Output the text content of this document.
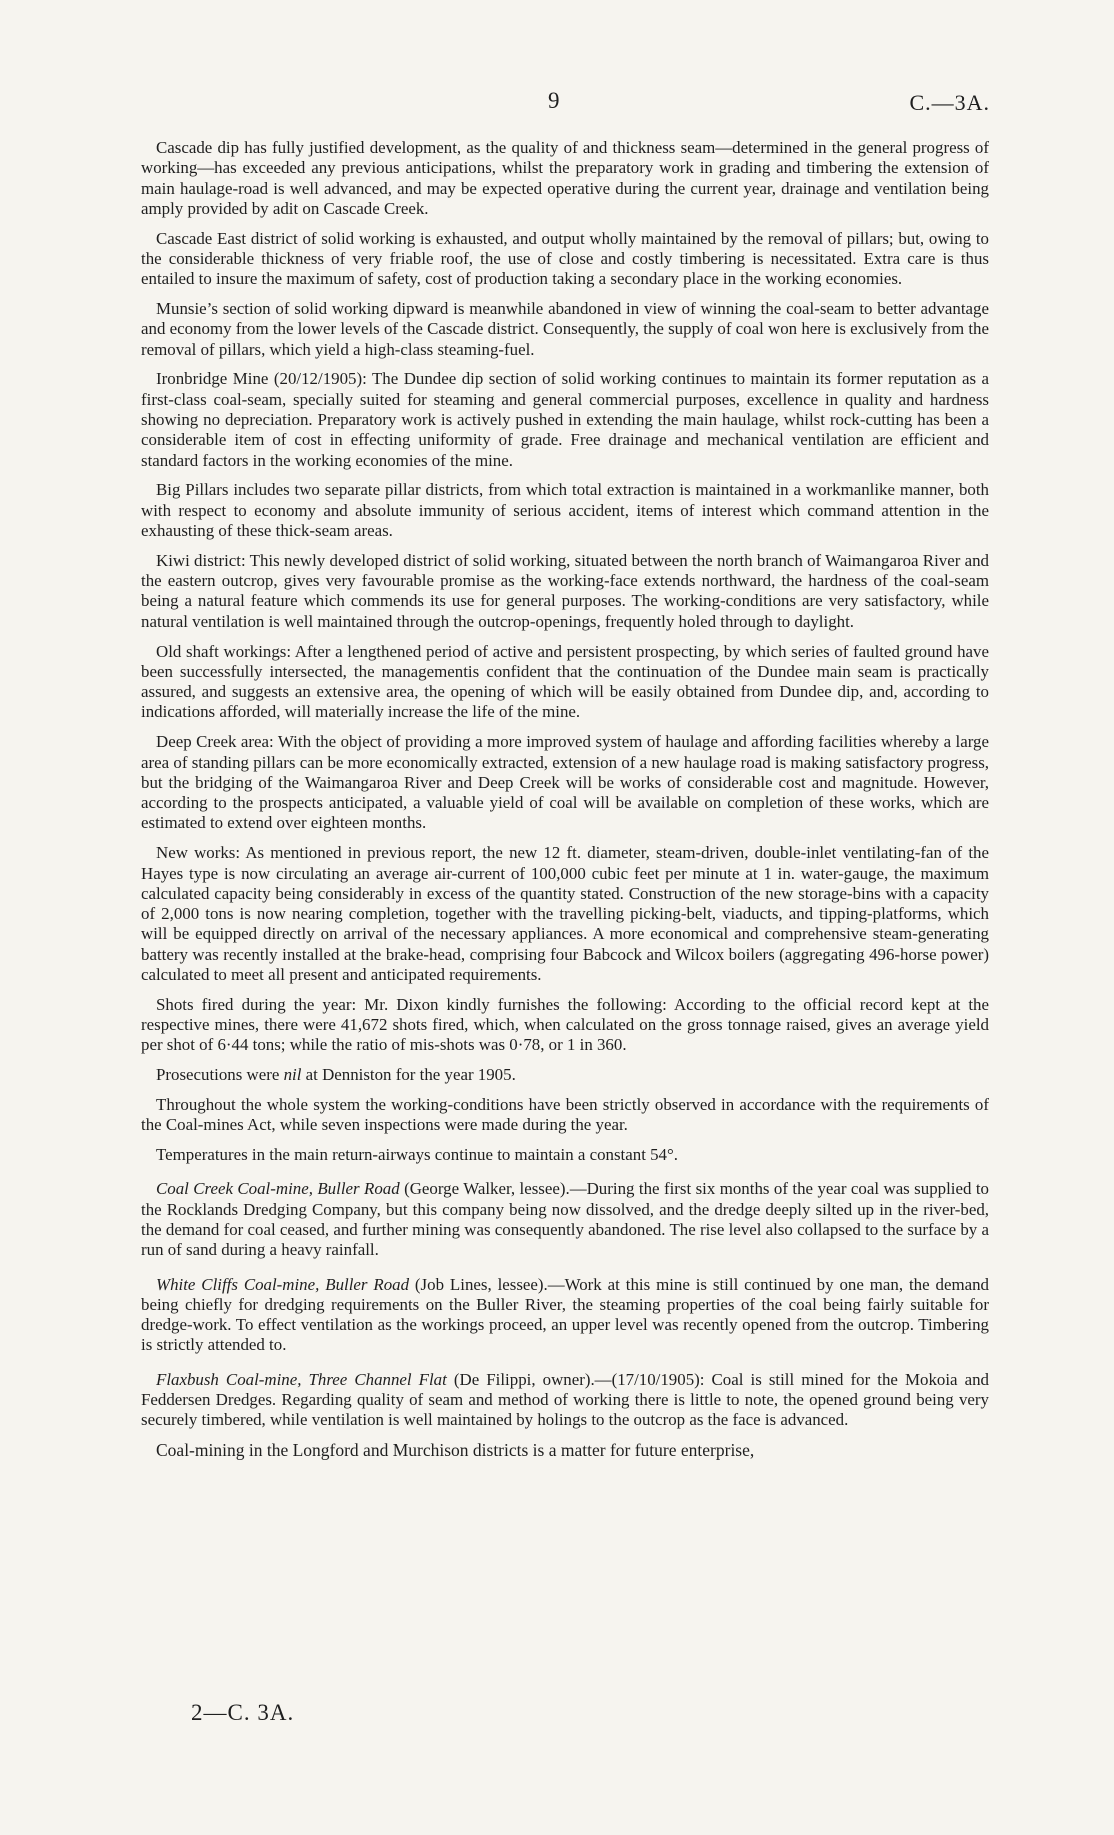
9	C.—3A.

Cascade dip has fully justified development, as the quality of and thickness seam—determined in the general progress of working—has exceeded any previous anticipations, whilst the preparatory work in grading and timbering the extension of main haulage-road is well advanced, and may be expected operative during the current year, drainage and ventilation being amply provided by adit on Cascade Creek.

Cascade East district of solid working is exhausted, and output wholly maintained by the removal of pillars; but, owing to the considerable thickness of very friable roof, the use of close and costly timbering is necessitated. Extra care is thus entailed to insure the maximum of safety, cost of production taking a secondary place in the working economies.

Munsie’s section of solid working dipward is meanwhile abandoned in view of winning the coal-seam to better advantage and economy from the lower levels of the Cascade district. Consequently, the supply of coal won here is exclusively from the removal of pillars, which yield a high-class steaming-fuel.

Ironbridge Mine (20/12/1905): The Dundee dip section of solid working continues to maintain its former reputation as a first-class coal-seam, specially suited for steaming and general commercial purposes, excellence in quality and hardness showing no depreciation. Preparatory work is actively pushed in extending the main haulage, whilst rock-cutting has been a considerable item of cost in effecting uniformity of grade. Free drainage and mechanical ventilation are efficient and standard factors in the working economies of the mine.

Big Pillars includes two separate pillar districts, from which total extraction is maintained in a workmanlike manner, both with respect to economy and absolute immunity of serious accident, items of interest which command attention in the exhausting of these thick-seam areas.

Kiwi district: This newly developed district of solid working, situated between the north branch of Waimangaroa River and the eastern outcrop, gives very favourable promise as the working-face extends northward, the hardness of the coal-seam being a natural feature which commends its use for general purposes. The working-conditions are very satisfactory, while natural ventilation is well maintained through the outcrop-openings, frequently holed through to daylight.

Old shaft workings: After a lengthened period of active and persistent prospecting, by which series of faulted ground have been successfully intersected, the managementis confident that the continuation of the Dundee main seam is practically assured, and suggests an extensive area, the opening of which will be easily obtained from Dundee dip, and, according to indications afforded, will materially increase the life of the mine.

Deep Creek area: With the object of providing a more improved system of haulage and affording facilities whereby a large area of standing pillars can be more economically extracted, extension of a new haulage road is making satisfactory progress, but the bridging of the Waimangaroa River and Deep Creek will be works of considerable cost and magnitude. However, according to the prospects anticipated, a valuable yield of coal will be available on completion of these works, which are estimated to extend over eighteen months.

New works: As mentioned in previous report, the new 12 ft. diameter, steam-driven, double-inlet ventilating-fan of the Hayes type is now circulating an average air-current of 100,000 cubic feet per minute at 1 in. water-gauge, the maximum calculated capacity being considerably in excess of the quantity stated. Construction of the new storage-bins with a capacity of 2,000 tons is now nearing completion, together with the travelling picking-belt, viaducts, and tipping-platforms, which will be equipped directly on arrival of the necessary appliances. A more economical and comprehensive steam-generating battery was recently installed at the brake-head, comprising four Babcock and Wilcox boilers (aggregating 496-horse power) calculated to meet all present and anticipated requirements.

Shots fired during the year: Mr. Dixon kindly furnishes the following: According to the official record kept at the respective mines, there were 41,672 shots fired, which, when calculated on the gross tonnage raised, gives an average yield per shot of 6·44 tons; while the ratio of mis-shots was 0·78, or 1 in 360.

Prosecutions were nil at Denniston for the year 1905.

Throughout the whole system the working-conditions have been strictly observed in accordance with the requirements of the Coal-mines Act, while seven inspections were made during the year.

Temperatures in the main return-airways continue to maintain a constant 54°.

Coal Creek Coal-mine, Buller Road (George Walker, lessee).—During the first six months of the year coal was supplied to the Rocklands Dredging Company, but this company being now dissolved, and the dredge deeply silted up in the river-bed, the demand for coal ceased, and further mining was consequently abandoned. The rise level also collapsed to the surface by a run of sand during a heavy rainfall.

White Cliffs Coal-mine, Buller Road (Job Lines, lessee).—Work at this mine is still continued by one man, the demand being chiefly for dredging requirements on the Buller River, the steaming properties of the coal being fairly suitable for dredge-work. To effect ventilation as the workings proceed, an upper level was recently opened from the outcrop. Timbering is strictly attended to.

Flaxbush Coal-mine, Three Channel Flat (De Filippi, owner).—(17/10/1905): Coal is still mined for the Mokoia and Feddersen Dredges. Regarding quality of seam and method of working there is little to note, the opened ground being very securely timbered, while ventilation is well maintained by holings to the outcrop as the face is advanced.

Coal-mining in the Longford and Murchison districts is a matter for future enterprise,

2—C. 3A.
